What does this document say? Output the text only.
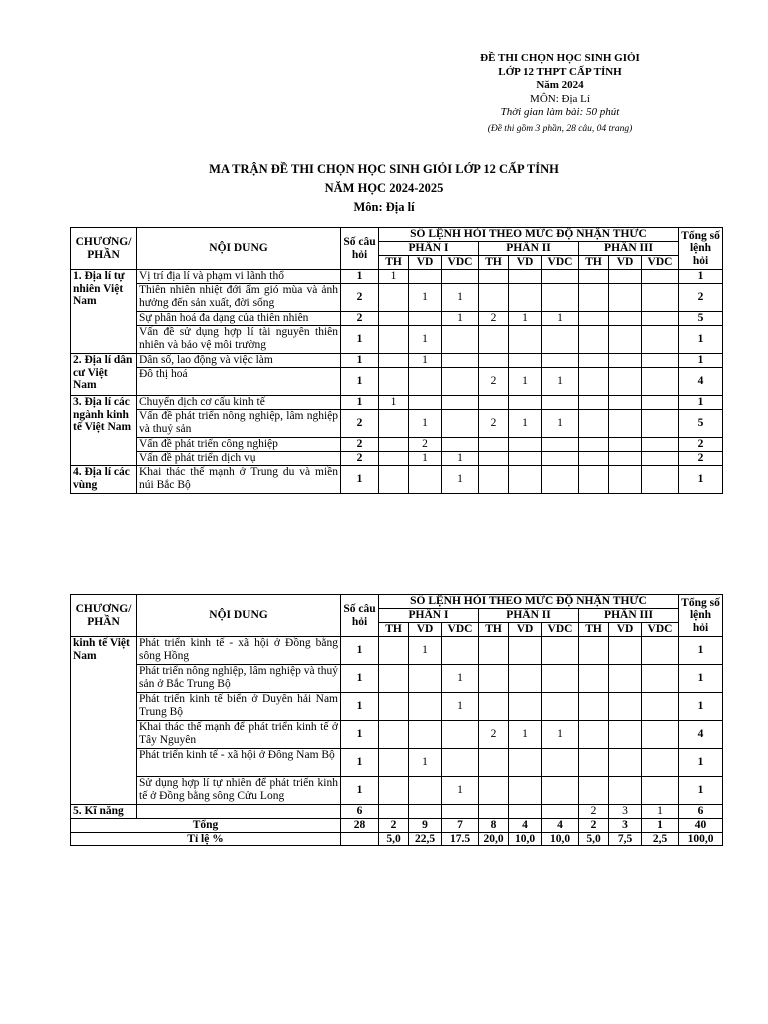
ĐỀ THI CHỌN HỌC SINH GIỎI
LỚP 12 THPT CẤP TỈNH
Năm 2024
MÔN: Địa Lí
Thời gian làm bài: 50 phút
(Đề thi gồm 3 phần, 28 câu, 04 trang)
MA TRẬN ĐỀ THI CHỌN HỌC SINH GIỎI LỚP 12 CẤP TỈNH
NĂM HỌC 2024-2025
Môn: Địa lí
CHƯƠNG/ PHẦN	NỘI DUNG	Số câu hỏi	SỐ LỆNH HỎI THEO MỨC ĐỘ NHẬN THỨC									Tổng số lệnh hỏi
			PHẦN I			PHẦN II			PHẦN III			
			TH	VD	VDC	TH	VD	VDC	TH	VD	VDC	
1. Địa lí tự nhiên Việt Nam	Vị trí địa lí và phạm vi lãnh thổ	1	1									1
	Thiên nhiên nhiệt đới ẩm gió mùa và ảnh hưởng đến sản xuất, đời sống	2		1	1							2
	Sự phân hoá đa dạng của thiên nhiên	2			1	2	1	1				5
	Vấn đề sử dụng hợp lí tài nguyên thiên nhiên và bảo vệ môi trường	1		1								1
2. Địa lí dân cư Việt Nam	Dân số, lao động và việc làm	1		1								1
	Đô thị hoá	1				2	1	1				4
3. Địa lí các ngành kinh tế Việt Nam	Chuyển dịch cơ cấu kinh tế	1	1									1
	Vấn đề phát triển nông nghiệp, lâm nghiệp và thuỷ sản	2		1		2	1	1				5
	Vấn đề phát triển công nghiệp	2		2								2
	Vấn đề phát triển dịch vụ	2		1	1							2
4. Địa lí các vùng	Khai thác thế mạnh ở Trung du và miền núi Bắc Bộ	1			1							1
CHƯƠNG/ PHẦN	NỘI DUNG	Số câu hỏi	SỐ LỆNH HỎI THEO MỨC ĐỘ NHẬN THỨC									Tổng số lệnh hỏi
			PHẦN I			PHẦN II			PHẦN III			
			TH	VD	VDC	TH	VD	VDC	TH	VD	VDC	
kinh tế Việt Nam	Phát triển kinh tế - xã hội ở Đồng bằng sông Hồng	1		1								1
	Phát triển nông nghiệp, lâm nghiệp và thuỷ sản ở Bắc Trung Bộ	1			1							1
	Phát triển kinh tế biển ở Duyên hải Nam Trung Bộ	1			1							1
	Khai thác thế mạnh để phát triển kinh tế ở Tây Nguyên	1				2	1	1				4
	Phát triển kinh tế - xã hội ở Đông Nam Bộ	1		1								1
	Sử dụng hợp lí tự nhiên để phát triển kinh tế ở Đồng bằng sông Cửu Long	1			1							1
5. Kĩ năng		6							2	3	1	6
Tổng		28	2	9	7	8	4	4	2	3	1	40
Tỉ lệ %			5,0	22,5	17.5	20,0	10,0	10,0	5,0	7,5	2,5	100,0
